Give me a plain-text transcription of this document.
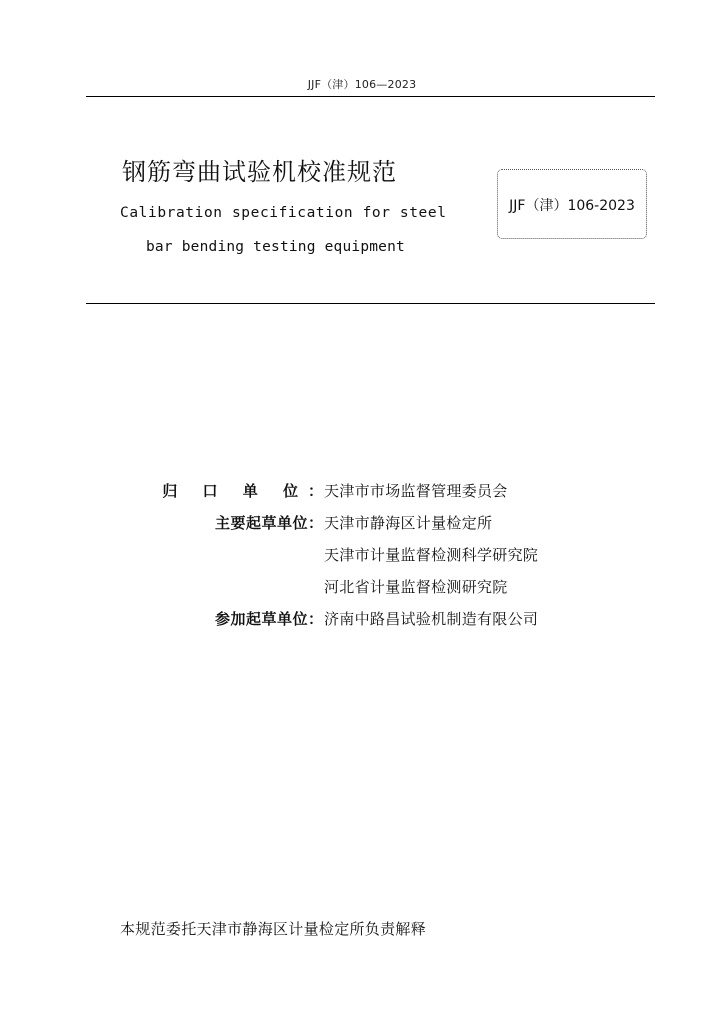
JJF（津）106—2023
钢筋弯曲试验机校准规范
Calibration specification for steel
bar bending testing equipment
JJF（津）106-2023
归 口 单 位 ： 天津市市场监督管理委员会
主要起草单位 ： 天津市静海区计量检定所
天津市计量监督检测科学研究院
河北省计量监督检测研究院
参加起草单位 ： 济南中路昌试验机制造有限公司
本规范委托天津市静海区计量检定所负责解释
